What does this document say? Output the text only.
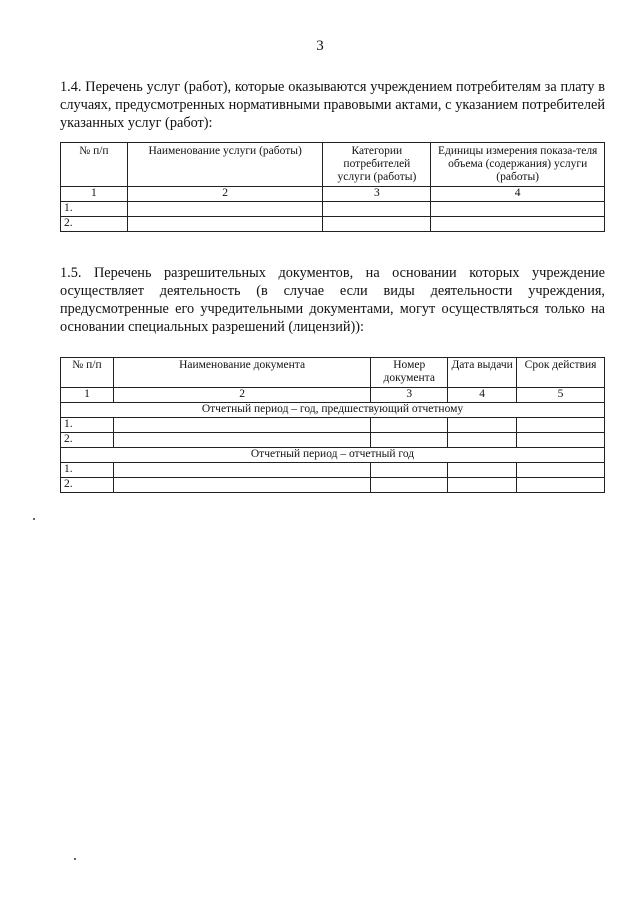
3
1.4. Перечень услуг (работ), которые оказываются учреждением потребителям за плату в случаях, предусмотренных нормативными правовыми актами, с указанием потребителей указанных услуг (работ):
№ п/п	Наименование услуги (работы)	Категории потребителей услуги (работы)	Единицы измерения показа-теля объема (содержания) услуги (работы)
1	2	3	4
1.			
2.			
1.5. Перечень разрешительных документов, на основании которых учреждение осуществляет деятельность (в случае если виды деятельности учреждения, предусмотренные его учредительными документами, могут осуществляться только на основании специальных разрешений (лицензий)):
№ п/п	Наименование документа	Номер документа	Дата выдачи	Срок действия
1	2	3	4	5
Отчетный период – год, предшествующий отчетному				
1.				
2.				
Отчетный период – отчетный год				
1.				
2.				
